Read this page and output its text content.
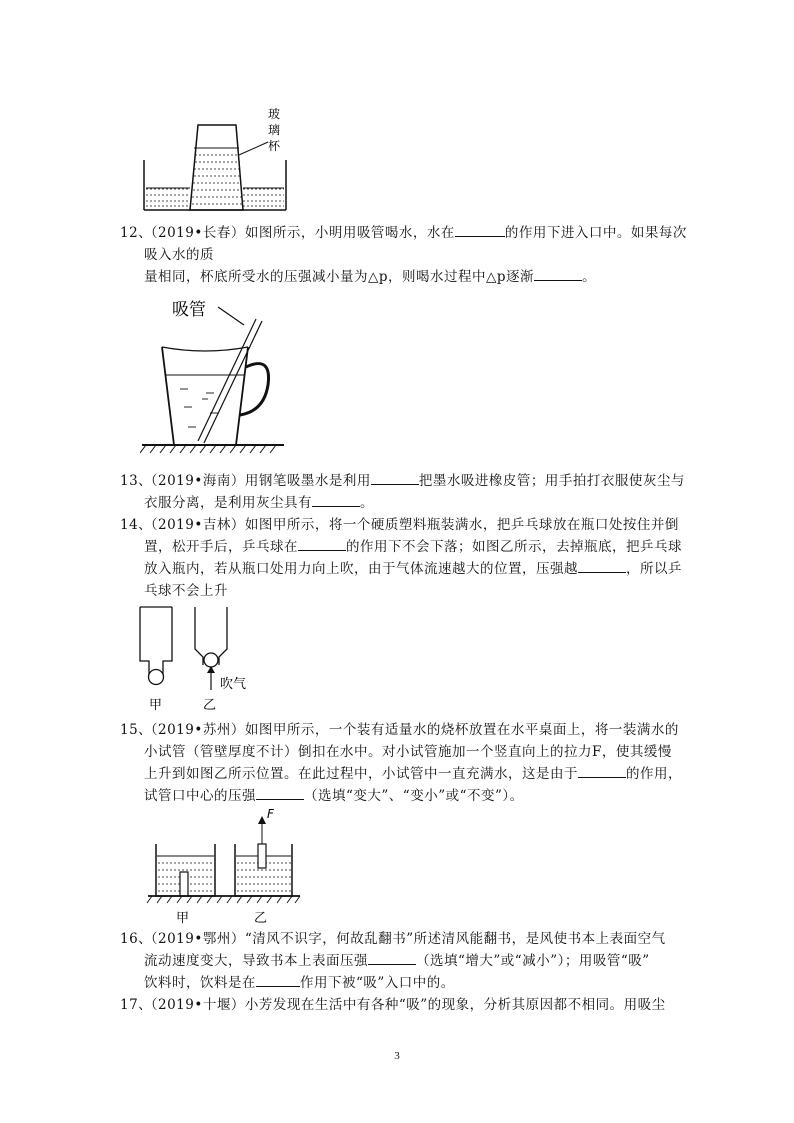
玻
璃
杯
12、（2019•长春）如图所示，小明用吸管喝水，水在	的作用下进入口中。如果每次
吸入水的质
量相同，杯底所受水的压强减小量为△p，则喝水过程中△p逐渐	。
吸管
13、（2019•海南）用钢笔吸墨水是利用	把墨水吸进橡皮管；用手拍打衣服使灰尘与
衣服分离，是利用灰尘具有	。
14、（2019•吉林）如图甲所示，将一个硬质塑料瓶装满水，把乒乓球放在瓶口处按住并倒
置，松开手后，乒乓球在	的作用下不会下落；如图乙所示，去掉瓶底，把乒乓球
放入瓶内，若从瓶口处用力向上吹，由于气体流速越大的位置，压强越	，所以乒
乓球不会上升
甲
吹气
乙
15、（2019•苏州）如图甲所示，一个装有适量水的烧杯放置在水平桌面上，将一装满水的
小试管（管壁厚度不计）倒扣在水中。对小试管施加一个竖直向上的拉力F，使其缓慢
上升到如图乙所示位置。在此过程中，小试管中一直充满水，这是由于	的作用，
试管口中心的压强	（选填“变大”、“变小”或“不变”）。
F
甲	乙
16、（2019•鄂州）“清风不识字，何故乱翻书”所述清风能翻书，是风使书本上表面空气
流动速度变大，导致书本上表面压强	（选填“增大”或“减小”）；用吸管“吸”
饮料时，饮料是在	作用下被“吸”入口中的。
17、（2019•十堰）小芳发现在生活中有各种“吸”的现象，分析其原因都不相同。用吸尘
3
